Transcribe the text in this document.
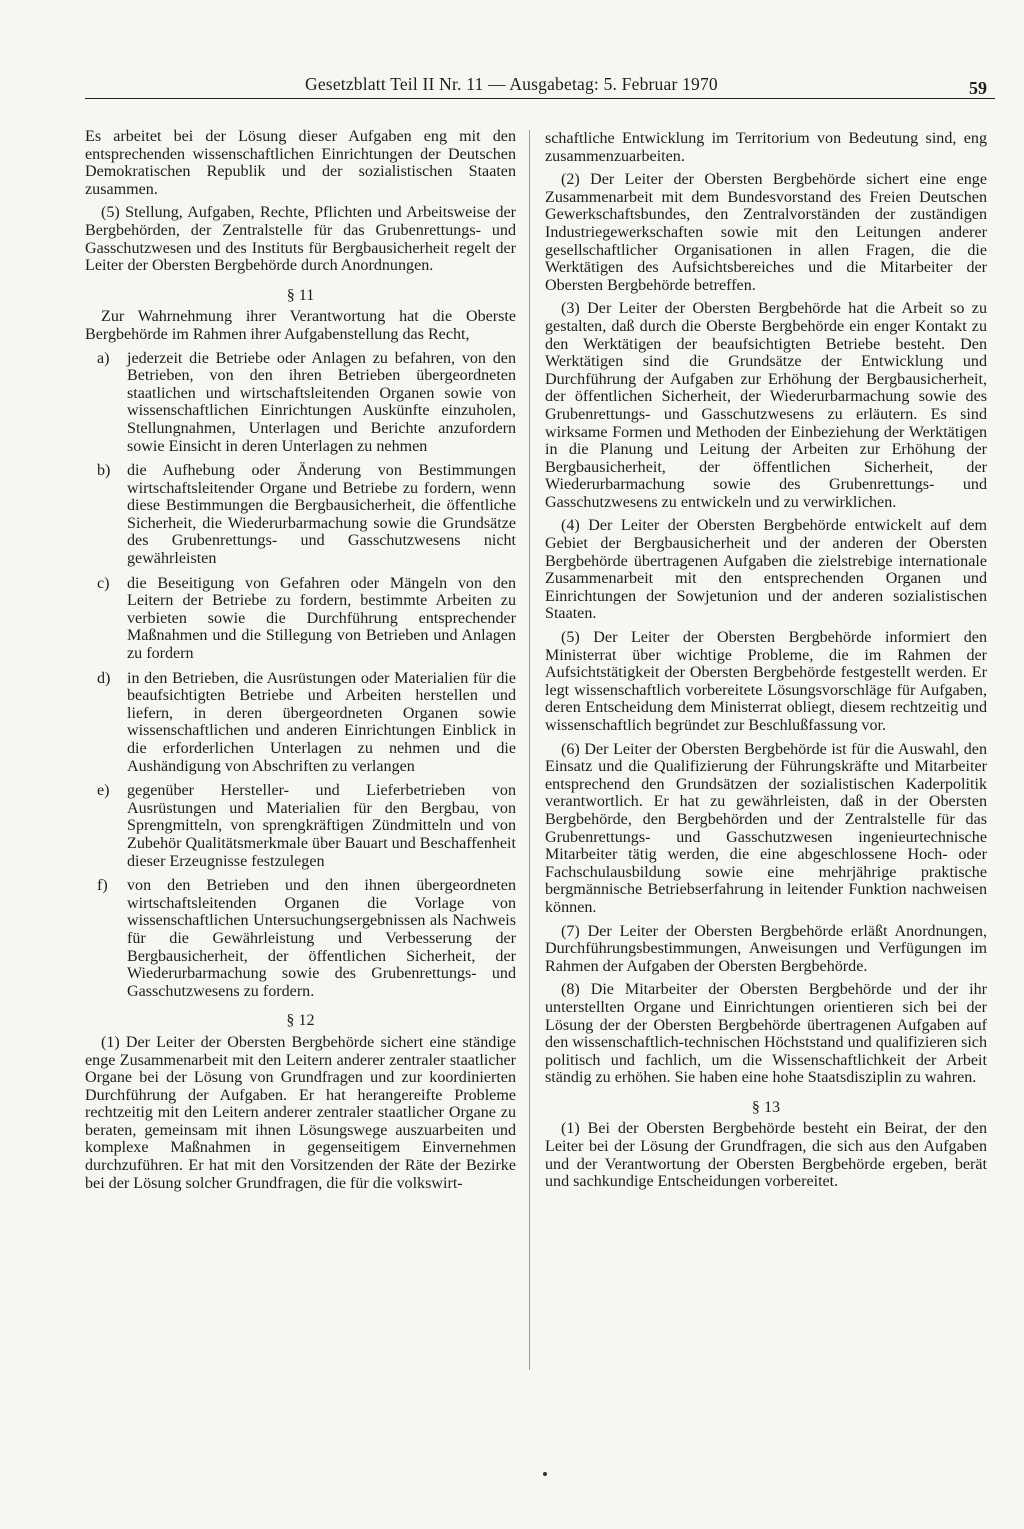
Gesetzblatt Teil II Nr. 11 — Ausgabetag: 5. Februar 1970	59

Es arbeitet bei der Lösung dieser Aufgaben eng mit den entsprechenden wissenschaftlichen Einrichtungen der Deutschen Demokratischen Republik und der sozialistischen Staaten zusammen.

(5) Stellung, Aufgaben, Rechte, Pflichten und Arbeitsweise der Bergbehörden, der Zentralstelle für das Grubenrettungs- und Gasschutzwesen und des Instituts für Bergbausicherheit regelt der Leiter der Obersten Bergbehörde durch Anordnungen.

§ 11

Zur Wahrnehmung ihrer Verantwortung hat die Oberste Bergbehörde im Rahmen ihrer Aufgabenstellung das Recht,

a)	jederzeit die Betriebe oder Anlagen zu befahren, von den Betrieben, von den ihren Betrieben übergeordneten staatlichen und wirtschaftsleitenden Organen sowie von wissenschaftlichen Einrichtungen Auskünfte einzuholen, Stellungnahmen, Unterlagen und Berichte anzufordern sowie Einsicht in deren Unterlagen zu nehmen
b)	die Aufhebung oder Änderung von Bestimmungen wirtschaftsleitender Organe und Betriebe zu fordern, wenn diese Bestimmungen die Bergbausicherheit, die öffentliche Sicherheit, die Wiederurbarmachung sowie die Grundsätze des Grubenrettungs- und Gasschutzwesens nicht gewährleisten
c)	die Beseitigung von Gefahren oder Mängeln von den Leitern der Betriebe zu fordern, bestimmte Arbeiten zu verbieten sowie die Durchführung entsprechender Maßnahmen und die Stillegung von Betrieben und Anlagen zu fordern
d)	in den Betrieben, die Ausrüstungen oder Materialien für die beaufsichtigten Betriebe und Arbeiten herstellen und liefern, in deren übergeordneten Organen sowie wissenschaftlichen und anderen Einrichtungen Einblick in die erforderlichen Unterlagen zu nehmen und die Aushändigung von Abschriften zu verlangen
e)	gegenüber Hersteller- und Lieferbetrieben von Ausrüstungen und Materialien für den Bergbau, von Sprengmitteln, von sprengkräftigen Zündmitteln und von Zubehör Qualitätsmerkmale über Bauart und Beschaffenheit dieser Erzeugnisse festzulegen
f)	von den Betrieben und den ihnen übergeordneten wirtschaftsleitenden Organen die Vorlage von wissenschaftlichen Untersuchungsergebnissen als Nachweis für die Gewährleistung und Verbesserung der Bergbausicherheit, der öffentlichen Sicherheit, der Wiederurbarmachung sowie des Grubenrettungs- und Gasschutzwesens zu fordern.
§ 12

(1) Der Leiter der Obersten Bergbehörde sichert eine ständige enge Zusammenarbeit mit den Leitern anderer zentraler staatlicher Organe bei der Lösung von Grundfragen und zur koordinierten Durchführung der Aufgaben. Er hat herangereifte Probleme rechtzeitig mit den Leitern anderer zentraler staatlicher Organe zu beraten, gemeinsam mit ihnen Lösungswege auszuarbeiten und komplexe Maßnahmen in gegenseitigem Einvernehmen durchzuführen. Er hat mit den Vorsitzenden der Räte der Bezirke bei der Lösung solcher Grundfragen, die für die volkswirt-

schaftliche Entwicklung im Territorium von Bedeutung sind, eng zusammenzuarbeiten.

(2) Der Leiter der Obersten Bergbehörde sichert eine enge Zusammenarbeit mit dem Bundesvorstand des Freien Deutschen Gewerkschaftsbundes, den Zentralvorständen der zuständigen Industriegewerkschaften sowie mit den Leitungen anderer gesellschaftlicher Organisationen in allen Fragen, die die Werktätigen des Aufsichtsbereiches und die Mitarbeiter der Obersten Bergbehörde betreffen.

(3) Der Leiter der Obersten Bergbehörde hat die Arbeit so zu gestalten, daß durch die Oberste Bergbehörde ein enger Kontakt zu den Werktätigen der beaufsichtigten Betriebe besteht. Den Werktätigen sind die Grundsätze der Entwicklung und Durchführung der Aufgaben zur Erhöhung der Bergbausicherheit, der öffentlichen Sicherheit, der Wiederurbarmachung sowie des Grubenrettungs- und Gasschutzwesens zu erläutern. Es sind wirksame Formen und Methoden der Einbeziehung der Werktätigen in die Planung und Leitung der Arbeiten zur Erhöhung der Bergbausicherheit, der öffentlichen Sicherheit, der Wiederurbarmachung sowie des Grubenrettungs- und Gasschutzwesens zu entwickeln und zu verwirklichen.

(4) Der Leiter der Obersten Bergbehörde entwickelt auf dem Gebiet der Bergbausicherheit und der anderen der Obersten Bergbehörde übertragenen Aufgaben die zielstrebige internationale Zusammenarbeit mit den entsprechenden Organen und Einrichtungen der Sowjetunion und der anderen sozialistischen Staaten.

(5) Der Leiter der Obersten Bergbehörde informiert den Ministerrat über wichtige Probleme, die im Rahmen der Aufsichtstätigkeit der Obersten Bergbehörde festgestellt werden. Er legt wissenschaftlich vorbereitete Lösungsvorschläge für Aufgaben, deren Entscheidung dem Ministerrat obliegt, diesem rechtzeitig und wissenschaftlich begründet zur Beschlußfassung vor.

(6) Der Leiter der Obersten Bergbehörde ist für die Auswahl, den Einsatz und die Qualifizierung der Führungskräfte und Mitarbeiter entsprechend den Grundsätzen der sozialistischen Kaderpolitik verantwortlich. Er hat zu gewährleisten, daß in der Obersten Bergbehörde, den Bergbehörden und der Zentralstelle für das Grubenrettungs- und Gasschutzwesen ingenieurtechnische Mitarbeiter tätig werden, die eine abgeschlossene Hoch- oder Fachschulausbildung sowie eine mehrjährige praktische bergmännische Betriebserfahrung in leitender Funktion nachweisen können.

(7) Der Leiter der Obersten Bergbehörde erläßt Anordnungen, Durchführungsbestimmungen, Anweisungen und Verfügungen im Rahmen der Aufgaben der Obersten Bergbehörde.

(8) Die Mitarbeiter der Obersten Bergbehörde und der ihr unterstellten Organe und Einrichtungen orientieren sich bei der Lösung der der Obersten Bergbehörde übertragenen Aufgaben auf den wissenschaftlich-technischen Höchststand und qualifizieren sich politisch und fachlich, um die Wissenschaftlichkeit der Arbeit ständig zu erhöhen. Sie haben eine hohe Staatsdisziplin zu wahren.

§ 13

(1) Bei der Obersten Bergbehörde besteht ein Beirat, der den Leiter bei der Lösung der Grundfragen, die sich aus den Aufgaben und der Verantwortung der Obersten Bergbehörde ergeben, berät und sachkundige Entscheidungen vorbereitet.
